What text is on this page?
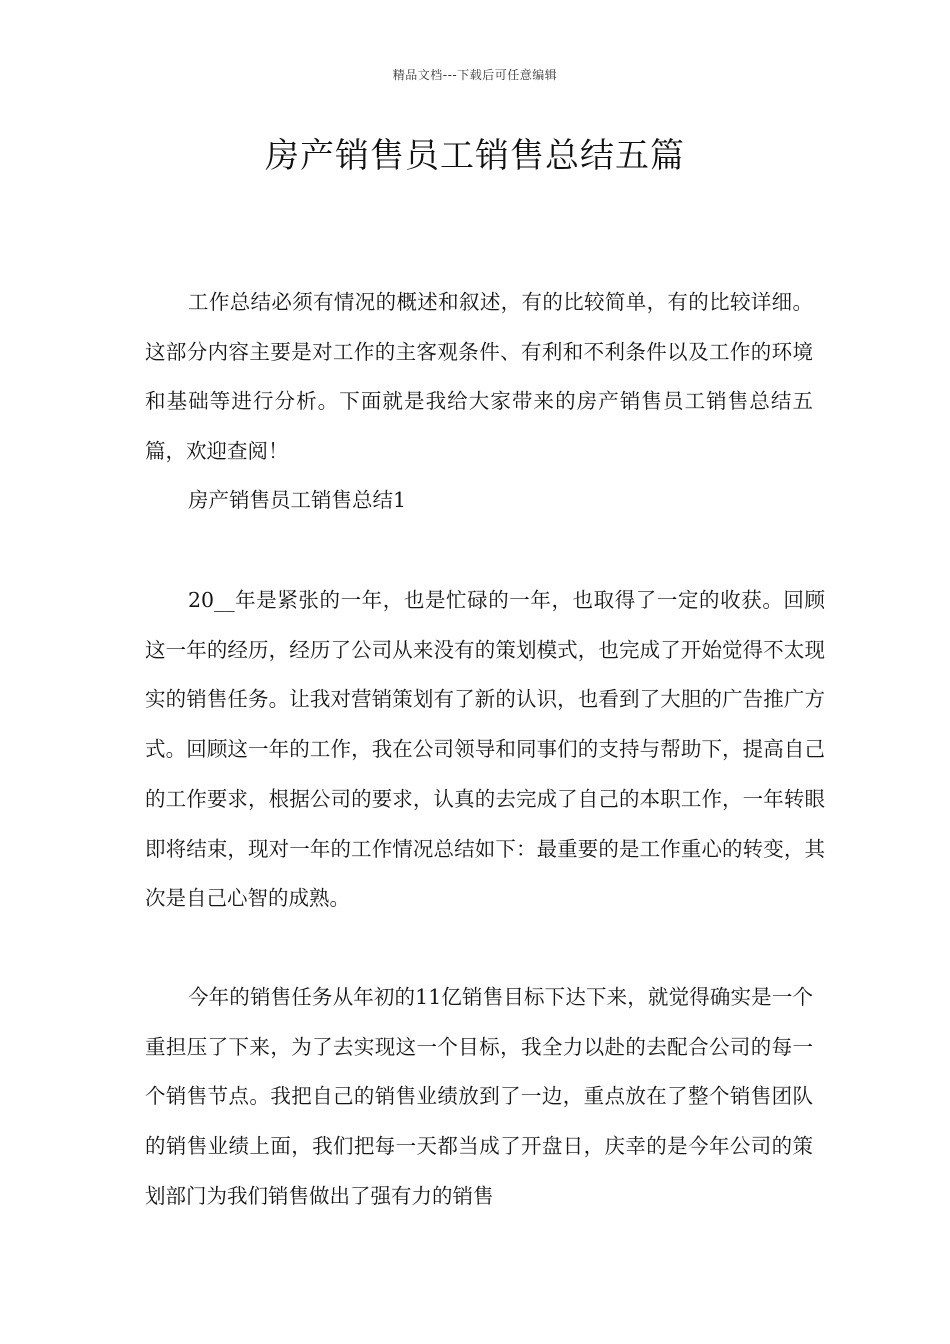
精品文档---下载后可任意编辑
房产销售员工销售总结五篇

工作总结必须有情况的概述和叙述，有的比较简单，有的比较详细。这部分内容主要是对工作的主客观条件、有利和不利条件以及工作的环境和基础等进行分析。下面就是我给大家带来的房产销售员工销售总结五篇，欢迎查阅！

房产销售员工销售总结1

20__年是紧张的一年，也是忙碌的一年，也取得了一定的收获。回顾这一年的经历，经历了公司从来没有的策划模式，也完成了开始觉得不太现实的销售任务。让我对营销策划有了新的认识，也看到了大胆的广告推广方式。回顾这一年的工作，我在公司领导和同事们的支持与帮助下，提高自己的工作要求，根据公司的要求，认真的去完成了自己的本职工作，一年转眼即将结束，现对一年的工作情况总结如下：最重要的是工作重心的转变，其次是自己心智的成熟。

今年的销售任务从年初的11亿销售目标下达下来，就觉得确实是一个重担压了下来，为了去实现这一个目标，我全力以赴的去配合公司的每一个销售节点。我把自己的销售业绩放到了一边，重点放在了整个销售团队的销售业绩上面，我们把每一天都当成了开盘日，庆幸的是今年公司的策划部门为我们销售做出了强有力的销售
